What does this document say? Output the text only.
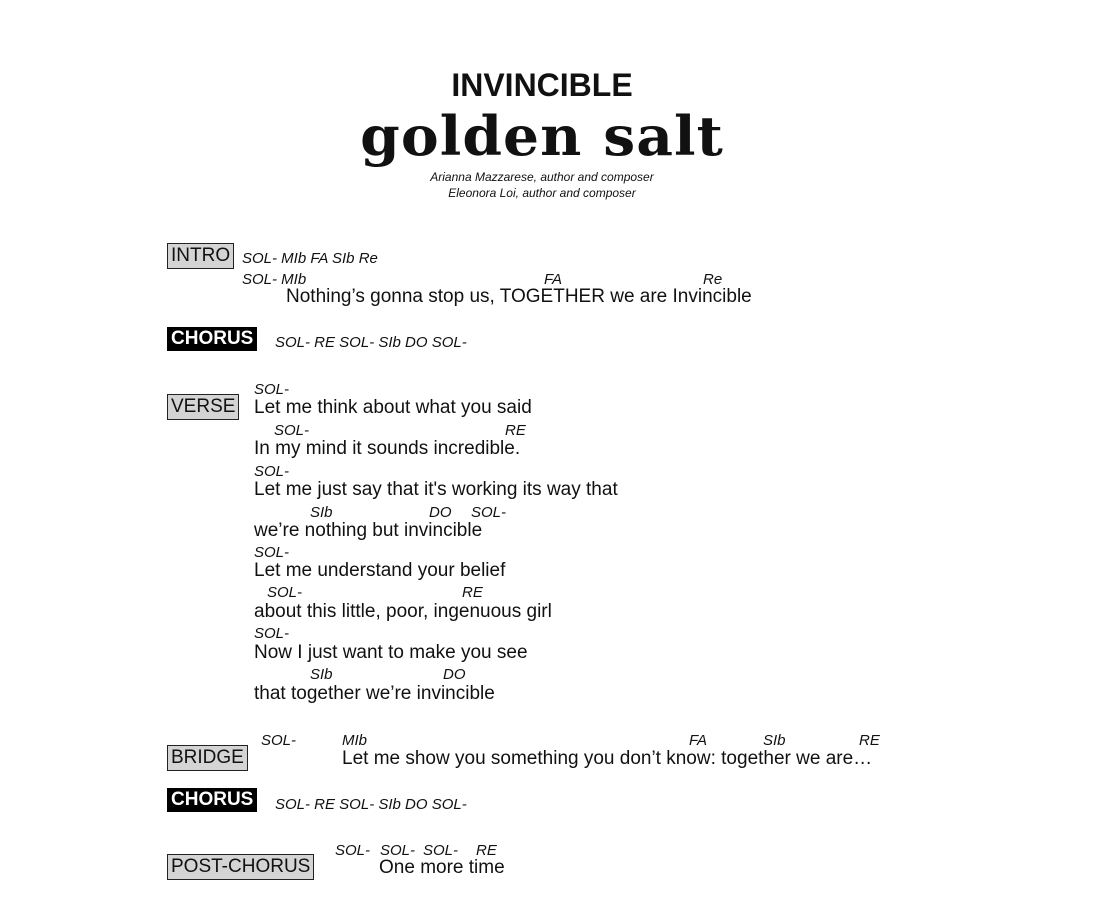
INVINCIBLE
golden salt
Arianna Mazzarese, author and composer
Eleonora Loi, author and composer
INTRO SOL- MIb FA SIb Re
SOL- MIb	FA	Re
Nothing’s gonna stop us, TOGETHER we are Invincible
CHORUS SOL- RE SOL- SIb DO SOL-
VERSE
SOL-
Let me think about what you said
SOL-	RE
In my mind it sounds incredible.
SOL-
Let me just say that it's working its way that
SIb	DO SOL-
we’re nothing but invincible
SOL-
Let me understand your belief
SOL-	RE
about this little, poor, ingenuous girl
SOL-
Now I just want to make you see
SIb	DO
that together we’re invincible
BRIDGE
SOL-	MIb	FA	SIb	RE
Let me show you something you don’t know: together we are…
CHORUS SOL- RE SOL- SIb DO SOL-
POST-CHORUS
SOL- SOL- SOL- RE
One more time
